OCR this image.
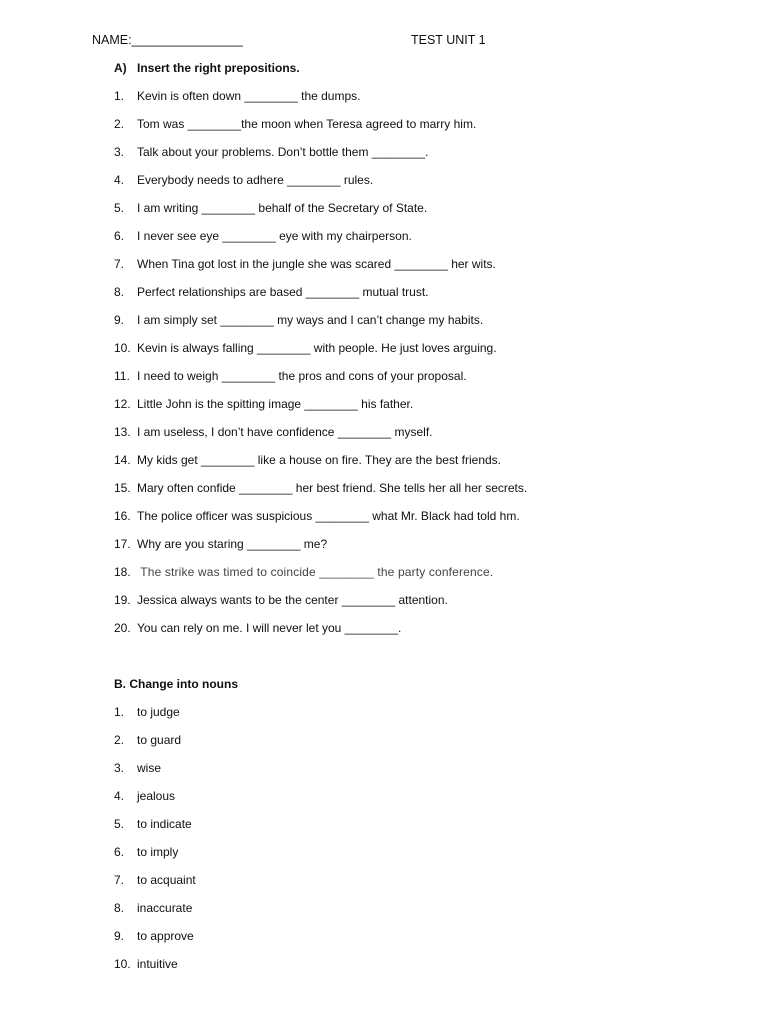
NAME:________________	TEST UNIT 1
A) Insert the right prepositions.
1. Kevin is often down ________ the dumps.
2. Tom was ________the moon when Teresa agreed to marry him.
3. Talk about your problems. Don’t bottle them ________.
4. Everybody needs to adhere ________ rules.
5. I am writing ________ behalf of the Secretary of State.
6. I never see eye ________ eye with my chairperson.
7. When Tina got lost in the jungle she was scared ________ her wits.
8. Perfect relationships are based ________ mutual trust.
9. I am simply set ________ my ways and I can’t change my habits.
10. Kevin is always falling ________ with people. He just loves arguing.
11. I need to weigh ________ the pros and cons of your proposal.
12. Little John is the spitting image ________ his father.
13. I am useless, I don’t have confidence ________ myself.
14. My kids get ________ like a house on fire. They are the best friends.
15. Mary often confide ________ her best friend. She tells her all her secrets.
16. The police officer was suspicious ________ what Mr. Black had told hm.
17. Why are you staring ________ me?
18. The strike was timed to coincide ________ the party conference.
19. Jessica always wants to be the center ________ attention.
20. You can rely on me. I will never let you ________.
B. Change into nouns
1. to judge
2. to guard
3. wise
4. jealous
5. to indicate
6. to imply
7. to acquaint
8. inaccurate
9. to approve
10. intuitive
